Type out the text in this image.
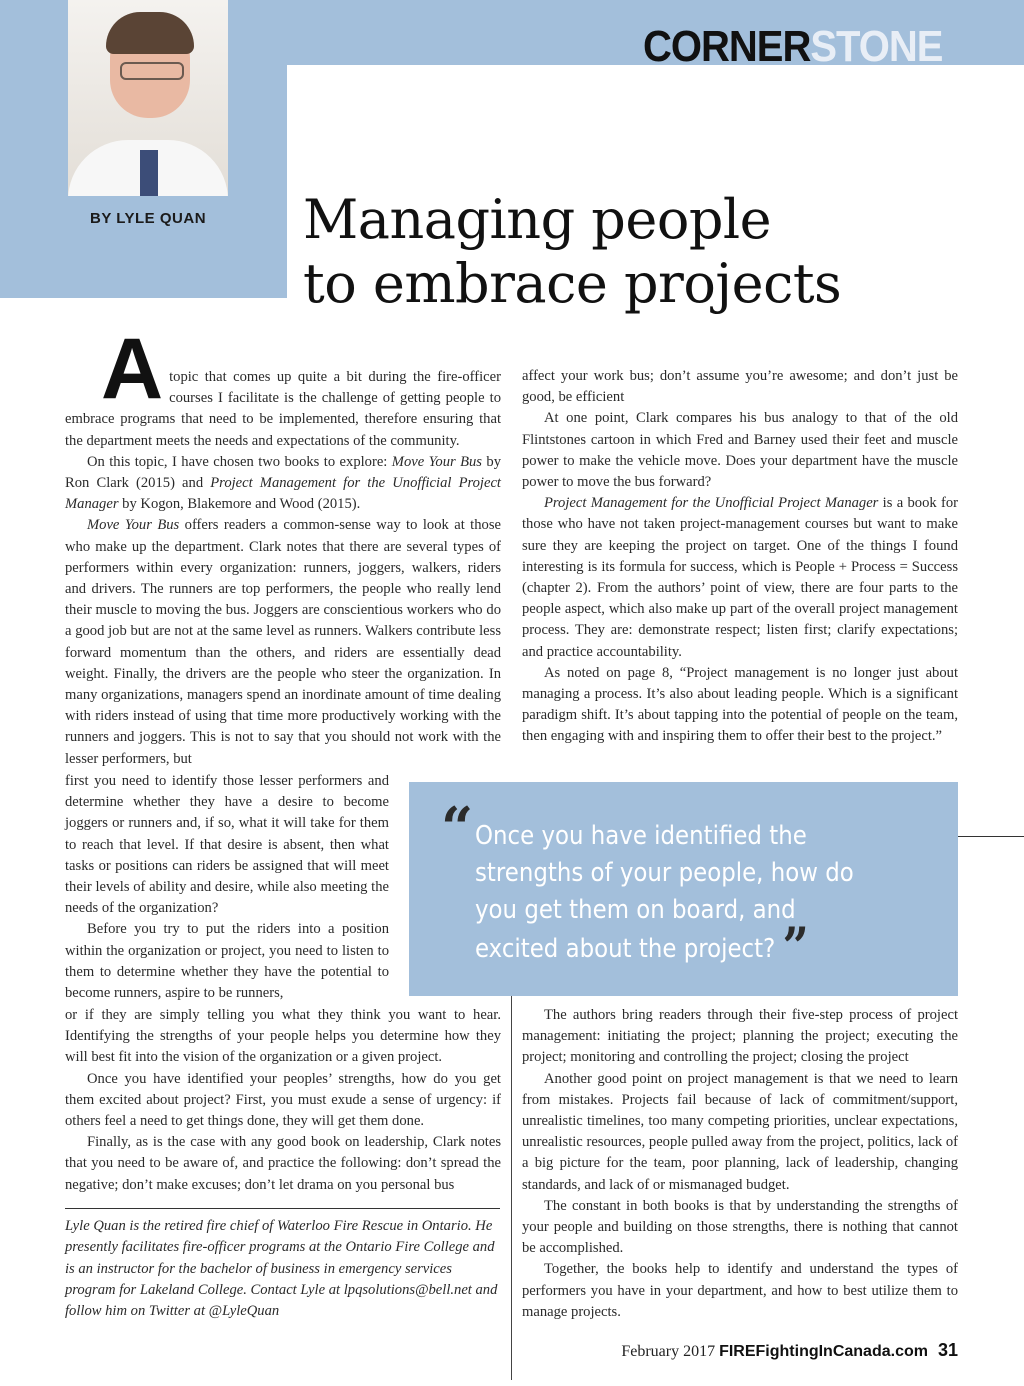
BY LYLE QUAN
CORNERSTONE
Managing people
to embrace projects

Atopic that comes up quite a bit during the fire-officer courses I facilitate is the challenge of getting people to embrace programs that need to be implemented, therefore ensuring that the department meets the needs and expectations of the community.

On this topic, I have chosen two books to explore: Move Your Bus by Ron Clark (2015) and Project Management for the Unofficial Project Manager by Kogon, Blakemore and Wood (2015).

Move Your Bus offers readers a common-sense way to look at those who make up the department. Clark notes that there are several types of performers within every organization: runners, joggers, walkers, riders and drivers. The runners are top performers, the people who really lend their muscle to moving the bus. Joggers are conscientious workers who do a good job but are not at the same level as runners. Walkers contribute less forward momentum than the others, and riders are essentially dead weight. Finally, the drivers are the people who steer the organization. In many organizations, managers spend an inordinate amount of time dealing with riders instead of using that time more productively working with the runners and joggers. This is not to say that you should not work with the lesser performers, but

first you need to identify those lesser performers and determine whether they have a desire to become joggers or runners and, if so, what it will take for them to reach that level. If that desire is absent, then what tasks or positions can riders be assigned that will meet their levels of ability and desire, while also meeting the needs of the organization?

Before you try to put the riders into a position within the organization or project, you need to listen to them to determine whether they have the potential to become runners, aspire to be runners,

or if they are simply telling you what they think you want to hear. Identifying the strengths of your people helps you determine how they will best fit into the vision of the organization or a given project.

Once you have identified your peoples’ strengths, how do you get them excited about project? First, you must exude a sense of urgency: if others feel a need to get things done, they will get them done.

Finally, as is the case with any good book on leadership, Clark notes that you need to be aware of, and practice the following: don’t spread the negative; don’t make excuses; don’t let drama on you personal bus

affect your work bus; don’t assume you’re awesome; and don’t just be good, be efficient

At one point, Clark compares his bus analogy to that of the old Flintstones cartoon in which Fred and Barney used their feet and muscle power to make the vehicle move. Does your department have the muscle power to move the bus forward?

Project Management for the Unofficial Project Manager is a book for those who have not taken project-management courses but want to make sure they are keeping the project on target. One of the things I found interesting is its formula for success, which is People + Process = Success (chapter 2). From the authors’ point of view, there are four parts to the people aspect, which also make up part of the overall project management process. They are: demonstrate respect; listen first; clarify expectations; and practice accountability.

As noted on page 8, “Project management is no longer just about managing a process. It’s also about leading people. Which is a significant paradigm shift. It’s about tapping into the potential of people on the team, then engaging with and inspiring them to offer their best to the project.”

“ Once you have identified the strengths of your people, how do you get them on board, and excited about the project? ”

The authors bring readers through their five-step process of project management: initiating the project; planning the project; executing the project; monitoring and controlling the project; closing the project

Another good point on project management is that we need to learn from mistakes. Projects fail because of lack of commitment/support, unrealistic timelines, too many competing priorities, unclear expectations, unrealistic resources, people pulled away from the project, politics, lack of a big picture for the team, poor planning, lack of leadership, changing standards, and lack of or mismanaged budget.

The constant in both books is that by understanding the strengths of your people and building on those strengths, there is nothing that cannot be accomplished.

Together, the books help to identify and understand the types of performers you have in your department, and how to best utilize them to manage projects.

Lyle Quan is the retired fire chief of Waterloo Fire Rescue in Ontario. He presently facilitates fire-officer programs at the Ontario Fire College and is an instructor for the bachelor of business in emergency services program for Lakeland College. Contact Lyle at lpqsolutions@bell.net and follow him on Twitter at @LyleQuan
February 2017 FIREFightingInCanada.com 31
